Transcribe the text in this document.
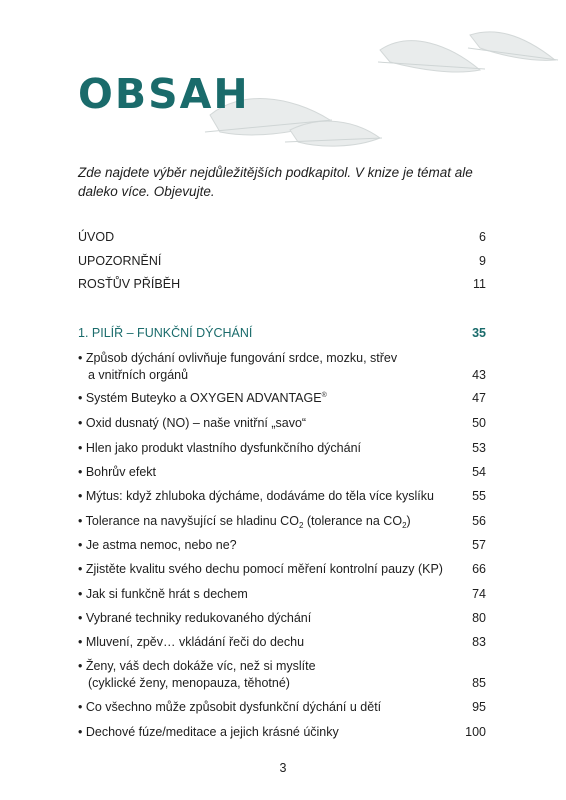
OBSAH

Zde najdete výběr nejdůležitějších podkapitol. V knize je témat ale daleko více. Objevujte.

ÚVOD	6
UPOZORNĚNÍ	9
ROSŤŮV PŘÍBĚH	11
1. PILÍŘ – FUNKČNÍ DÝCHÁNÍ	35
• Způsob dýchání ovlivňuje fungování srdce, mozku, střev
a vnitřních orgánů	43
• Systém Buteyko a OXYGEN ADVANTAGE®	47
• Oxid dusnatý (NO) – naše vnitřní „savo“	50
• Hlen jako produkt vlastního dysfunkčního dýchání	53
• Bohrův efekt	54
• Mýtus: když zhluboka dýcháme, dodáváme do těla více kyslíku	55
• Tolerance na navyšující se hladinu $CO_2$ (tolerance na $CO_2$)	56
• Je astma nemoc, nebo ne?	57
• Zjistěte kvalitu svého dechu pomocí měření kontrolní pauzy (KP)	66
• Jak si funkčně hrát s dechem	74
• Vybrané techniky redukovaného dýchání	80
• Mluvení, zpěv… vkládání řeči do dechu	83
• Ženy, váš dech dokáže víc, než si myslíte
(cyklické ženy, menopauza, těhotné)	85
• Co všechno může způsobit dysfunkční dýchání u dětí	95
• Dechové fúze/meditace a jejich krásné účinky	100
3
